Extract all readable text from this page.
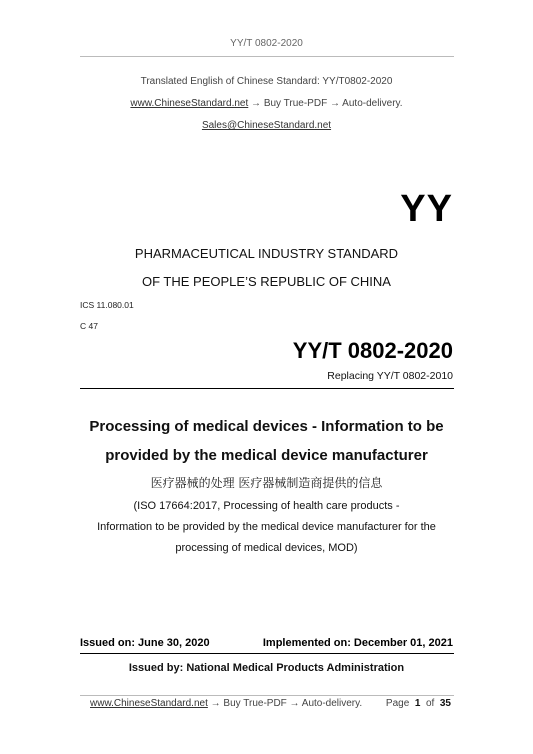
YY/T 0802-2020
Translated English of Chinese Standard: YY/T0802-2020
www.ChineseStandard.net → Buy True-PDF → Auto-delivery.
Sales@ChineseStandard.net
YY
PHARMACEUTICAL INDUSTRY STANDARD
OF THE PEOPLE’S REPUBLIC OF CHINA
ICS 11.080.01
C 47
YY/T 0802-2020
Replacing YY/T 0802-2010
Processing of medical devices - Information to be
provided by the medical device manufacturer
医疗器械的处理 医疗器械制造商提供的信息
(ISO 17664:2017, Processing of health care products -
Information to be provided by the medical device manufacturer for the
processing of medical devices, MOD)
Issued on: June 30, 2020	Implemented on: December 01, 2021
Issued by: National Medical Products Administration
www.ChineseStandard.net → Buy True-PDF → Auto-delivery. Page 1 of 35
